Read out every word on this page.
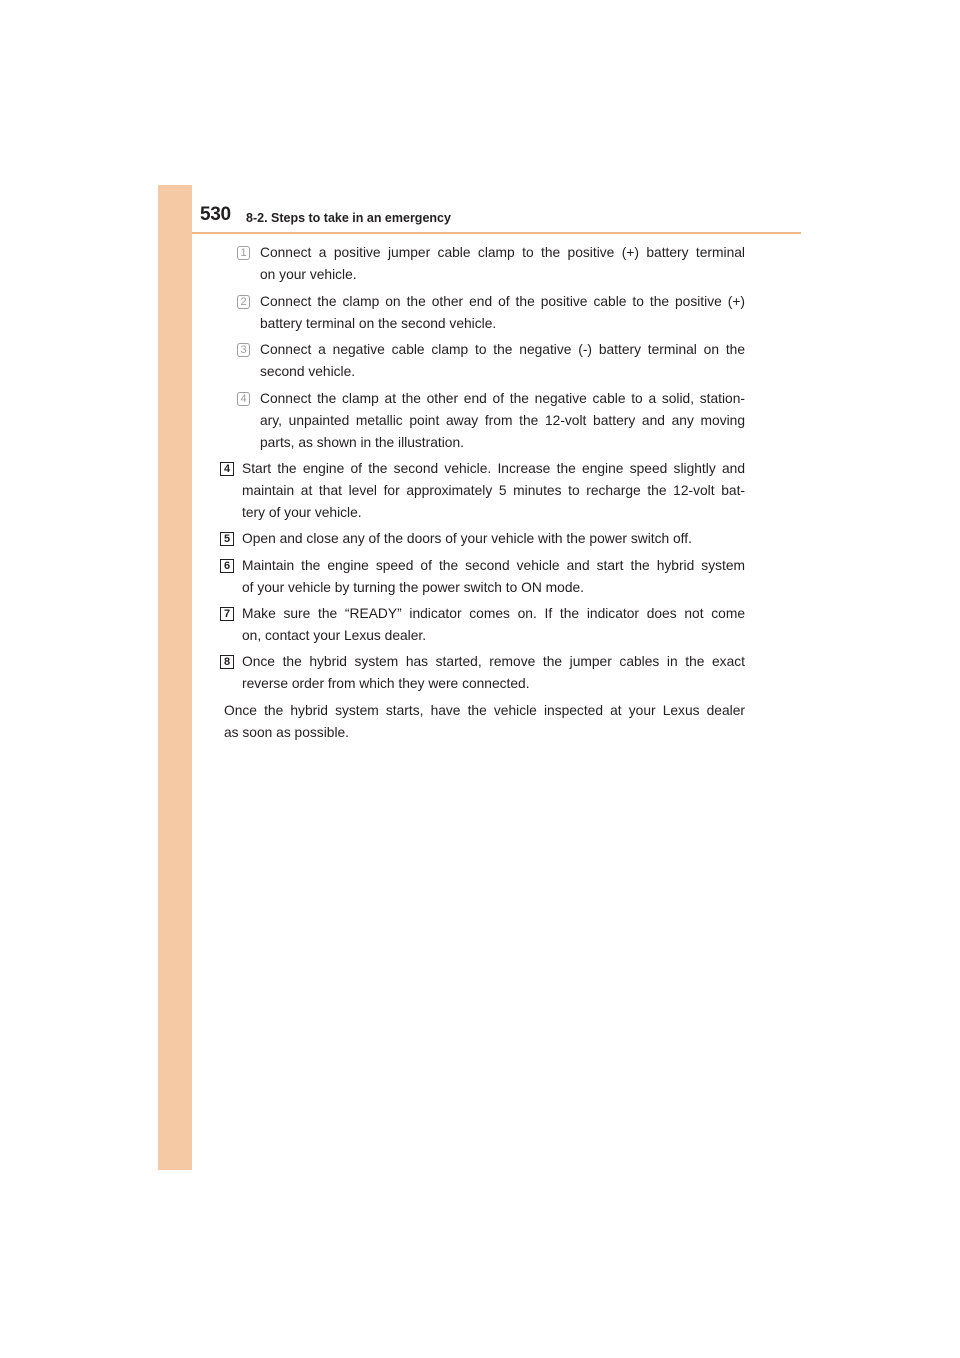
530 8-2. Steps to take in an emergency
1 Connect a positive jumper cable clamp to the positive (+) battery terminal
on your vehicle.
2 Connect the clamp on the other end of the positive cable to the positive (+)
battery terminal on the second vehicle.
3 Connect a negative cable clamp to the negative (-) battery terminal on the
second vehicle.
4 Connect the clamp at the other end of the negative cable to a solid, station-
ary, unpainted metallic point away from the 12-volt battery and any moving
parts, as shown in the illustration.
4 Start the engine of the second vehicle. Increase the engine speed slightly and
maintain at that level for approximately 5 minutes to recharge the 12-volt bat-
tery of your vehicle.
5 Open and close any of the doors of your vehicle with the power switch off.
6 Maintain the engine speed of the second vehicle and start the hybrid system
of your vehicle by turning the power switch to ON mode.
7 Make sure the “READY” indicator comes on. If the indicator does not come
on, contact your Lexus dealer.
8 Once the hybrid system has started, remove the jumper cables in the exact
reverse order from which they were connected.
Once the hybrid system starts, have the vehicle inspected at your Lexus dealer
as soon as possible.
